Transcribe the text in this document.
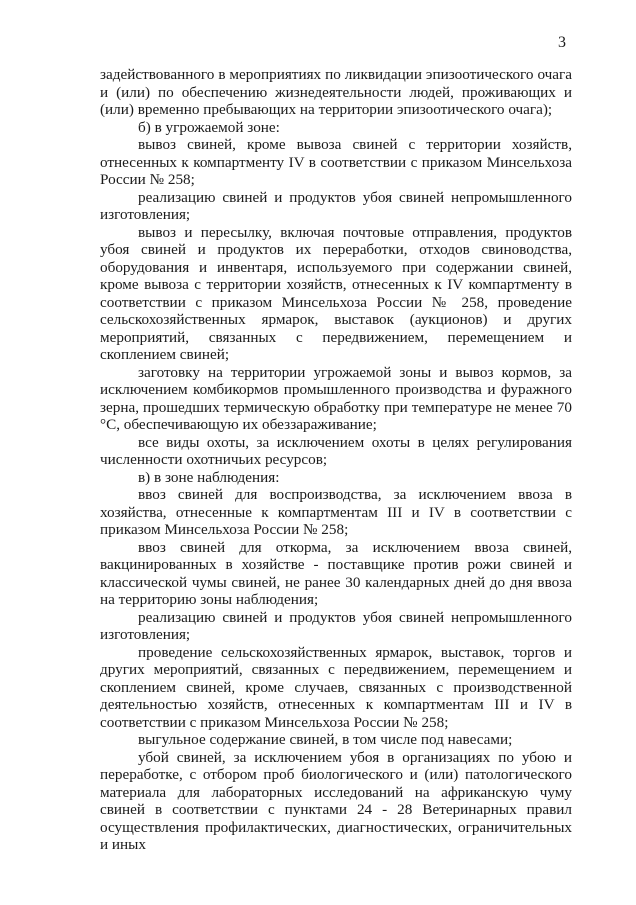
3

задействованного в мероприятиях по ликвидации эпизоотического очага и (или) по обеспечению жизнедеятельности людей, проживающих и (или) временно пребывающих на территории эпизоотического очага);

б) в угрожаемой зоне:

вывоз свиней, кроме вывоза свиней с территории хозяйств, отнесенных к компартменту IV в соответствии с приказом Минсельхоза России № 258;

реализацию свиней и продуктов убоя свиней непромышленного изготовления;

вывоз и пересылку, включая почтовые отправления, продуктов убоя свиней и продуктов их переработки, отходов свиноводства, оборудования и инвентаря, используемого при содержании свиней, кроме вывоза с территории хозяйств, отнесенных к IV компартменту в соответствии с приказом Минсельхоза России № 258, проведение сельскохозяйственных ярмарок, выставок (аукционов) и других мероприятий, связанных с передвижением, перемещением и скоплением свиней;

заготовку на территории угрожаемой зоны и вывоз кормов, за исключением комбикормов промышленного производства и фуражного зерна, прошедших термическую обработку при температуре не менее 70 °С, обеспечивающую их обеззараживание;

все виды охоты, за исключением охоты в целях регулирования численности охотничьих ресурсов;

в) в зоне наблюдения:

ввоз свиней для воспроизводства, за исключением ввоза в хозяйства, отнесенные к компартментам III и IV в соответствии с приказом Минсельхоза России № 258;

ввоз свиней для откорма, за исключением ввоза свиней, вакцинированных в хозяйстве - поставщике против рожи свиней и классической чумы свиней, не ранее 30 календарных дней до дня ввоза на территорию зоны наблюдения;

реализацию свиней и продуктов убоя свиней непромышленного изготовления;

проведение сельскохозяйственных ярмарок, выставок, торгов и других мероприятий, связанных с передвижением, перемещением и скоплением свиней, кроме случаев, связанных с производственной деятельностью хозяйств, отнесенных к компартментам III и IV в соответствии с приказом Минсельхоза России № 258;

выгульное содержание свиней, в том числе под навесами;

убой свиней, за исключением убоя в организациях по убою и переработке, с отбором проб биологического и (или) патологического материала для лабораторных исследований на африканскую чуму свиней в соответствии с пунктами 24 - 28 Ветеринарных правил осуществления профилактических, диагностических, ограничительных и иных
